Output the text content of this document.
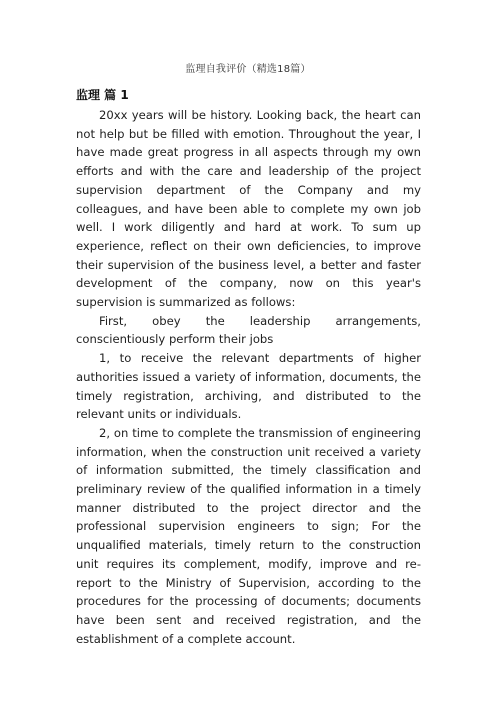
监理自我评价（精选18篇）
监理 篇 1

20xx years will be history. Looking back, the heart can not help but be filled with emotion. Throughout the year, I have made great progress in all aspects through my own efforts and with the care and leadership of the project supervision department of the Company and my colleagues, and have been able to complete my own job well. I work diligently and hard at work. To sum up experience, reflect on their own deficiencies, to improve their supervision of the business level, a better and faster development of the company, now on this year's supervision is summarized as follows:

First, obey the leadership arrangements, conscientiously perform their jobs

1, to receive the relevant departments of higher authorities issued a variety of information, documents, the timely registration, archiving, and distributed to the relevant units or individuals.

2, on time to complete the transmission of engineering information, when the construction unit received a variety of information submitted, the timely classification and preliminary review of the qualified information in a timely manner distributed to the project director and the professional supervision engineers to sign; For the unqualified materials, timely return to the construction unit requires its complement, modify, improve and re-report to the Ministry of Supervision, according to the procedures for the processing of documents; documents have been sent and received registration, and the establishment of a complete account.
